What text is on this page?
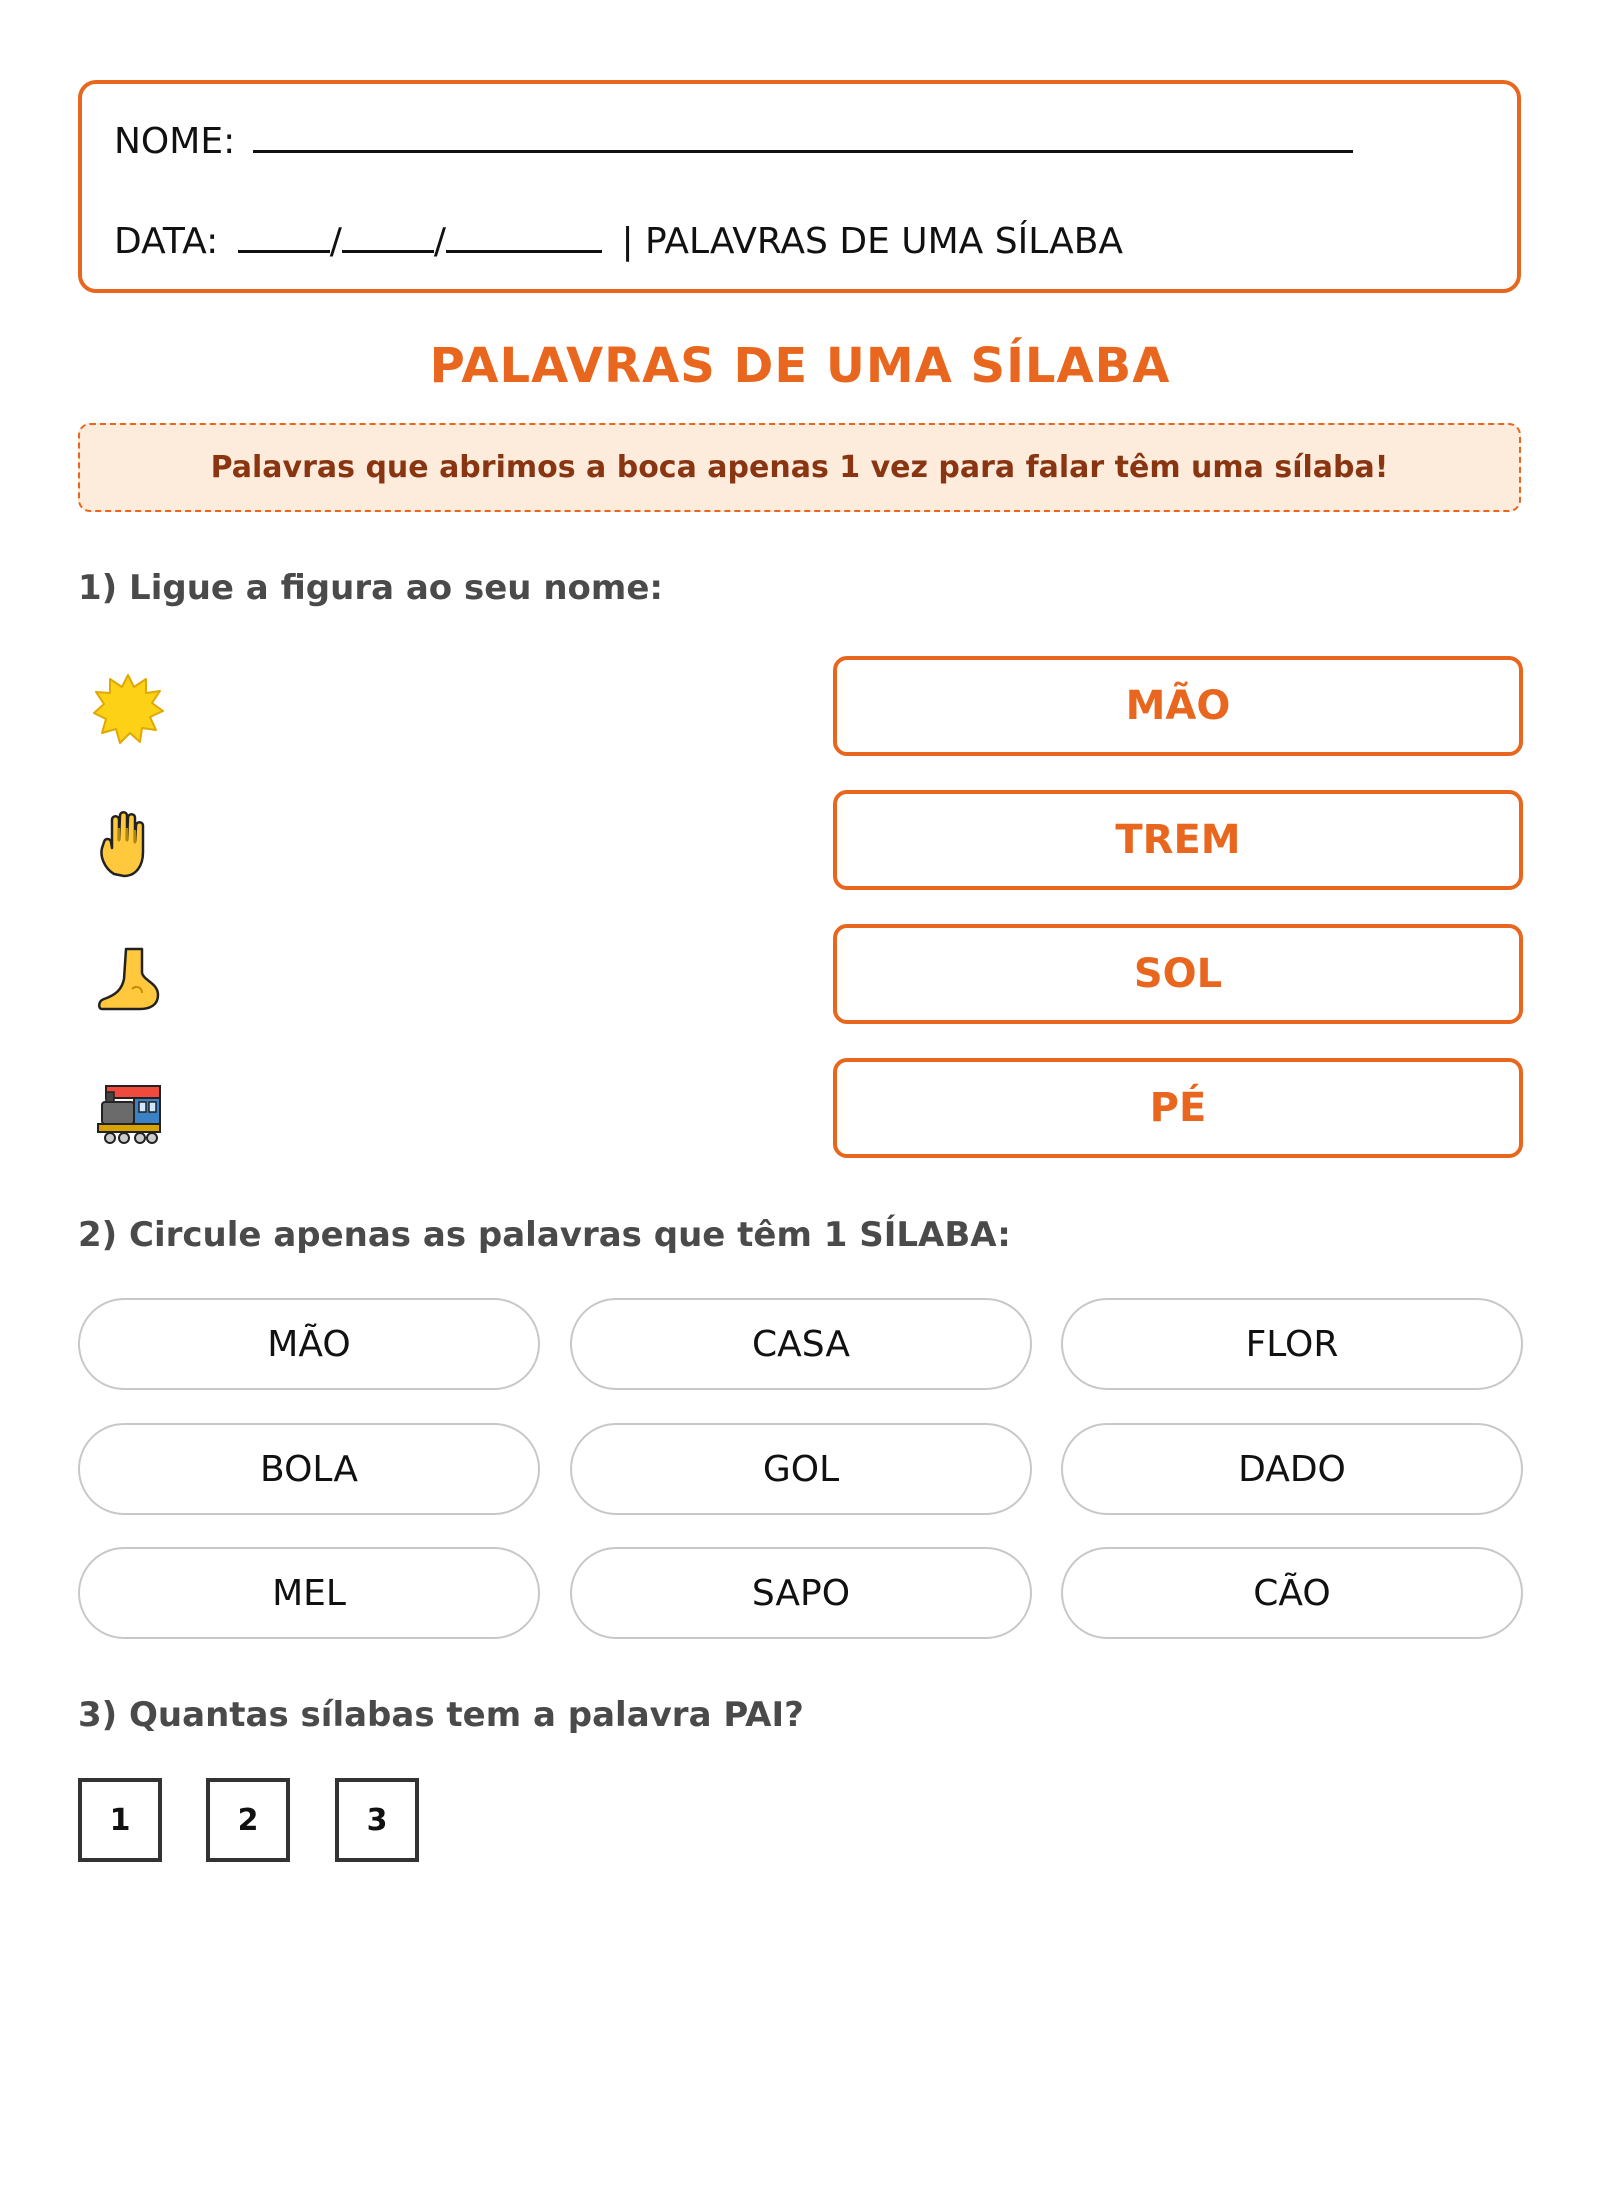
NOME:
DATA:	/	/	| PALAVRAS DE UMA SÍLABA
PALAVRAS DE UMA SÍLABA
Palavras que abrimos a boca apenas 1 vez para falar têm uma sílaba!
1) Ligue a figura ao seu nome:
MÃO
TREM
SOL
PÉ
2) Circule apenas as palavras que têm 1 SÍLABA:
MÃO	CASA	FLOR
BOLA	GOL	DADO
MEL	SAPO	CÃO
3) Quantas sílabas tem a palavra PAI?
1	2	3
